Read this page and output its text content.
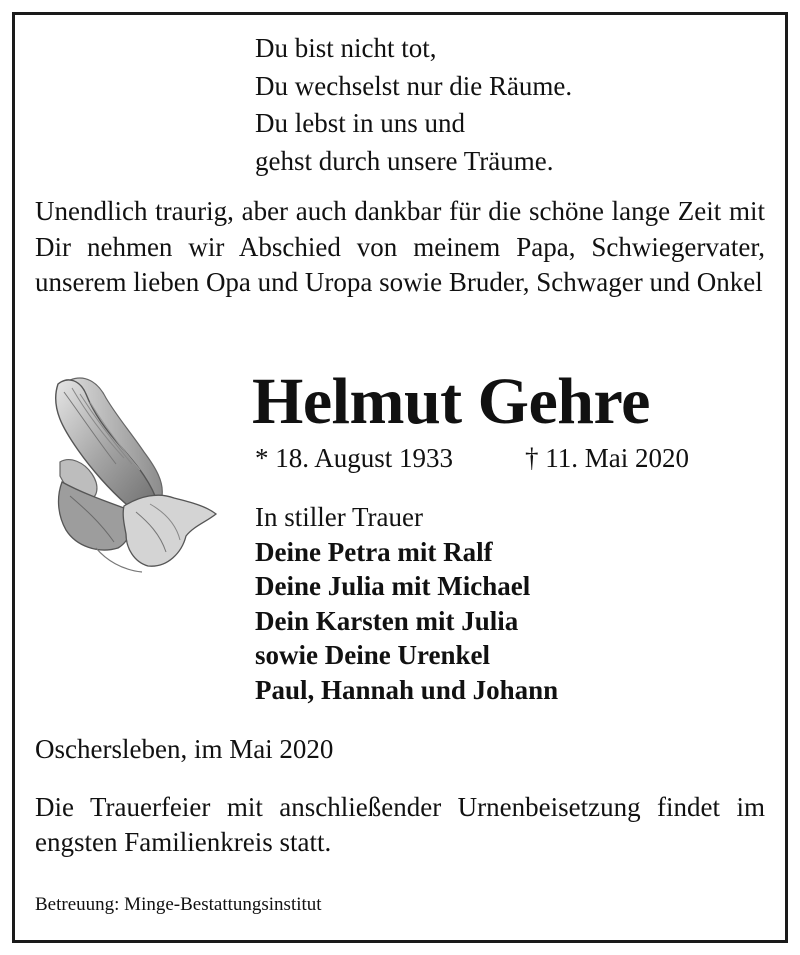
Du bist nicht tot,
Du wechselst nur die Räume.
Du lebst in uns und
gehst durch unsere Träume.
Unendlich traurig, aber auch dankbar für die schöne lange Zeit mit Dir nehmen wir Abschied von meinem Papa, Schwiegervater, unserem lieben Opa und Uropa sowie Bruder, Schwager und Onkel
Helmut Gehre
* 18. August 1933	† 11. Mai 2020
In stiller Trauer
Deine Petra mit Ralf
Deine Julia mit Michael
Dein Karsten mit Julia
sowie Deine Urenkel
Paul, Hannah und Johann
Oschersleben, im Mai 2020
Die Trauerfeier mit anschließender Urnenbeisetzung findet im engsten Familienkreis statt.
Betreuung: Minge-Bestattungsinstitut
